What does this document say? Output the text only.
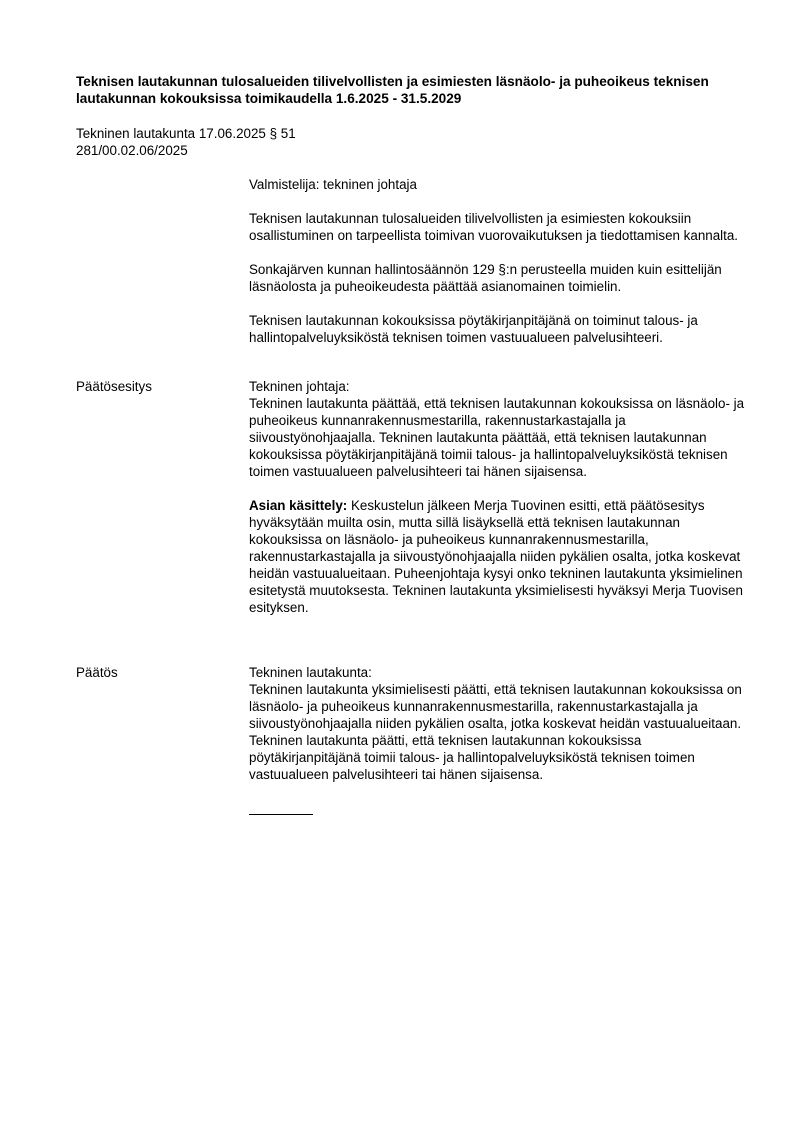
Teknisen lautakunnan tulosalueiden tilivelvollisten ja esimiesten läsnäolo- ja puheoikeus teknisen lautakunnan kokouksissa toimikaudella 1.6.2025 - 31.5.2029
Tekninen lautakunta 17.06.2025 § 51
281/00.02.06/2025

Valmistelija: tekninen johtaja

Teknisen lautakunnan tulosalueiden tilivelvollisten ja esimiesten kokouksiin osallistuminen on tarpeellista toimivan vuorovaikutuksen ja tiedottamisen kannalta.

Sonkajärven kunnan hallintosäännön 129 §:n perusteella muiden kuin esittelijän läsnäolosta ja puheoikeudesta päättää asianomainen toimielin.

Teknisen lautakunnan kokouksissa pöytäkirjanpitäjänä on toiminut talous- ja hallintopalveluyksiköstä teknisen toimen vastuualueen palvelusihteeri.

Päätösesitys	Tekninen johtaja:

Tekninen lautakunta päättää, että teknisen lautakunnan kokouksissa on läsnäolo- ja puheoikeus kunnanrakennusmestarilla, rakennustarkastajalla ja siivoustyönohjaajalla. Tekninen lautakunta päättää, että teknisen lautakunnan kokouksissa pöytäkirjanpitäjänä toimii talous- ja hallintopalveluyksiköstä teknisen toimen vastuualueen palvelusihteeri tai hänen sijaisensa.

Asian käsittely: Keskustelun jälkeen Merja Tuovinen esitti, että päätösesitys hyväksytään muilta osin, mutta sillä lisäyksellä että teknisen lautakunnan kokouksissa on läsnäolo- ja puheoikeus kunnanrakennusmestarilla, rakennustarkastajalla ja siivoustyönohjaajalla niiden pykälien osalta, jotka koskevat heidän vastuualueitaan. Puheenjohtaja kysyi onko tekninen lautakunta yksimielinen esitetystä muutoksesta. Tekninen lautakunta yksimielisesti hyväksyi Merja Tuovisen esityksen.

Päätös	Tekninen lautakunta:

Tekninen lautakunta yksimielisesti päätti, että teknisen lautakunnan kokouksissa on läsnäolo- ja puheoikeus kunnanrakennusmestarilla, rakennustarkastajalla ja siivoustyönohjaajalla niiden pykälien osalta, jotka koskevat heidän vastuualueitaan. Tekninen lautakunta päätti, että teknisen lautakunnan kokouksissa pöytäkirjanpitäjänä toimii talous- ja hallintopalveluyksiköstä teknisen toimen vastuualueen palvelusihteeri tai hänen sijaisensa.
